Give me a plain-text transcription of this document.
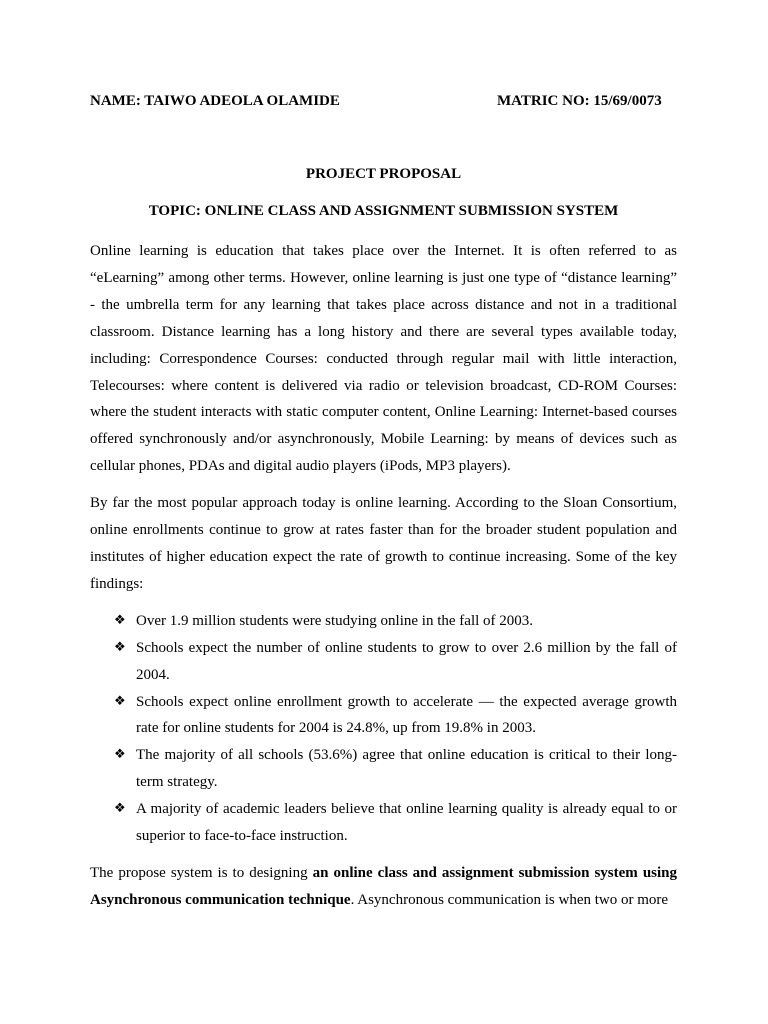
NAME: TAIWO ADEOLA OLAMIDE	MATRIC NO: 15/69/0073
PROJECT PROPOSAL
TOPIC: ONLINE CLASS AND ASSIGNMENT SUBMISSION SYSTEM

Online learning is education that takes place over the Internet. It is often referred to as “eLearning” among other terms. However, online learning is just one type of “distance learning” - the umbrella term for any learning that takes place across distance and not in a traditional classroom. Distance learning has a long history and there are several types available today, including: Correspondence Courses: conducted through regular mail with little interaction, Telecourses: where content is delivered via radio or television broadcast, CD-ROM Courses: where the student interacts with static computer content, Online Learning: Internet-based courses offered synchronously and/or asynchronously, Mobile Learning: by means of devices such as cellular phones, PDAs and digital audio players (iPods, MP3 players).

By far the most popular approach today is online learning. According to the Sloan Consortium, online enrollments continue to grow at rates faster than for the broader student population and institutes of higher education expect the rate of growth to continue increasing. Some of the key findings:

❖ Over 1.9 million students were studying online in the fall of 2003.
❖ Schools expect the number of online students to grow to over 2.6 million by the fall of 2004.
❖ Schools expect online enrollment growth to accelerate — the expected average growth rate for online students for 2004 is 24.8%, up from 19.8% in 2003.
❖ The majority of all schools (53.6%) agree that online education is critical to their long-term strategy.
❖ A majority of academic leaders believe that online learning quality is already equal to or superior to face-to-face instruction.

The propose system is to designing an online class and assignment submission system using Asynchronous communication technique. Asynchronous communication is when two or more
